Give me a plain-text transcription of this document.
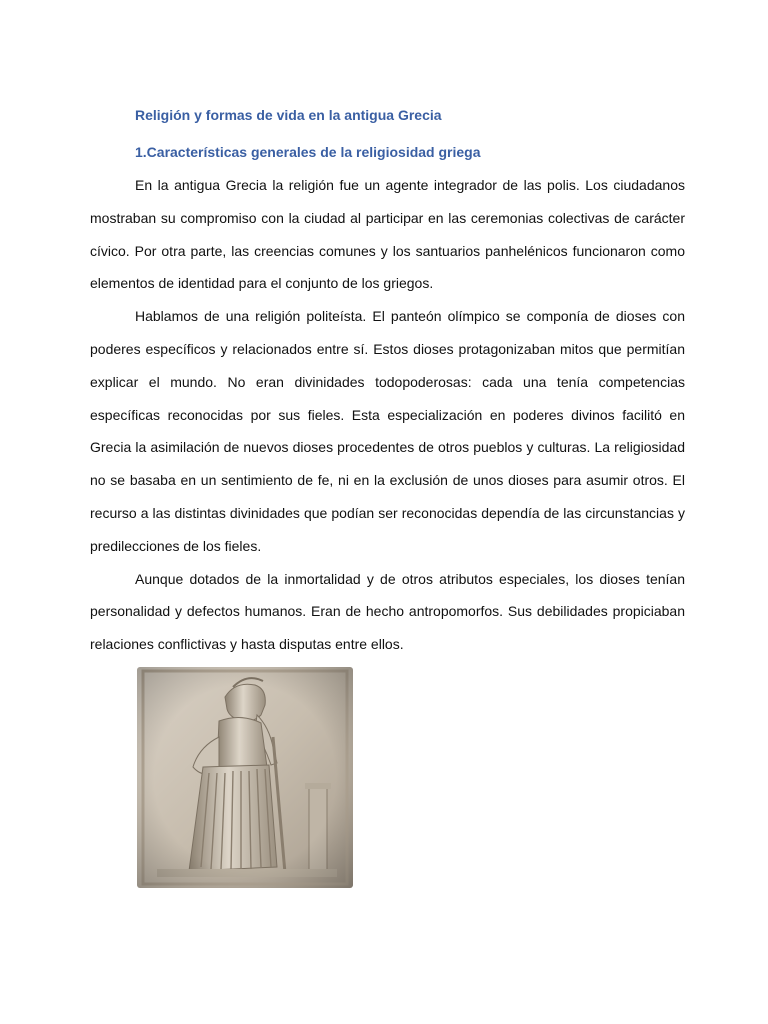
Religión y formas de vida en la antigua Grecia
1.Características generales de la religiosidad griega
En la antigua Grecia la religión fue un agente integrador de las polis. Los ciudadanos
mostraban su compromiso con la ciudad al participar en las ceremonias colectivas de carácter
cívico. Por otra parte, las creencias comunes y los santuarios panhelénicos funcionaron como
elementos de identidad para el conjunto de los griegos.
Hablamos de una religión politeísta. El panteón olímpico se componía de dioses con
poderes específicos y relacionados entre sí. Estos dioses protagonizaban mitos que permitían
explicar el mundo. No eran divinidades todopoderosas: cada una tenía competencias
específicas reconocidas por sus fieles. Esta especialización en poderes divinos facilitó en
Grecia la asimilación de nuevos dioses procedentes de otros pueblos y culturas. La religiosidad
no se basaba en un sentimiento de fe, ni en la exclusión de unos dioses para asumir otros. El
recurso a las distintas divinidades que podían ser reconocidas dependía de las circunstancias y
predilecciones de los fieles.
Aunque dotados de la inmortalidad y de otros atributos especiales, los dioses tenían
personalidad y defectos humanos. Eran de hecho antropomorfos. Sus debilidades propiciaban
relaciones conflictivas y hasta disputas entre ellos.
